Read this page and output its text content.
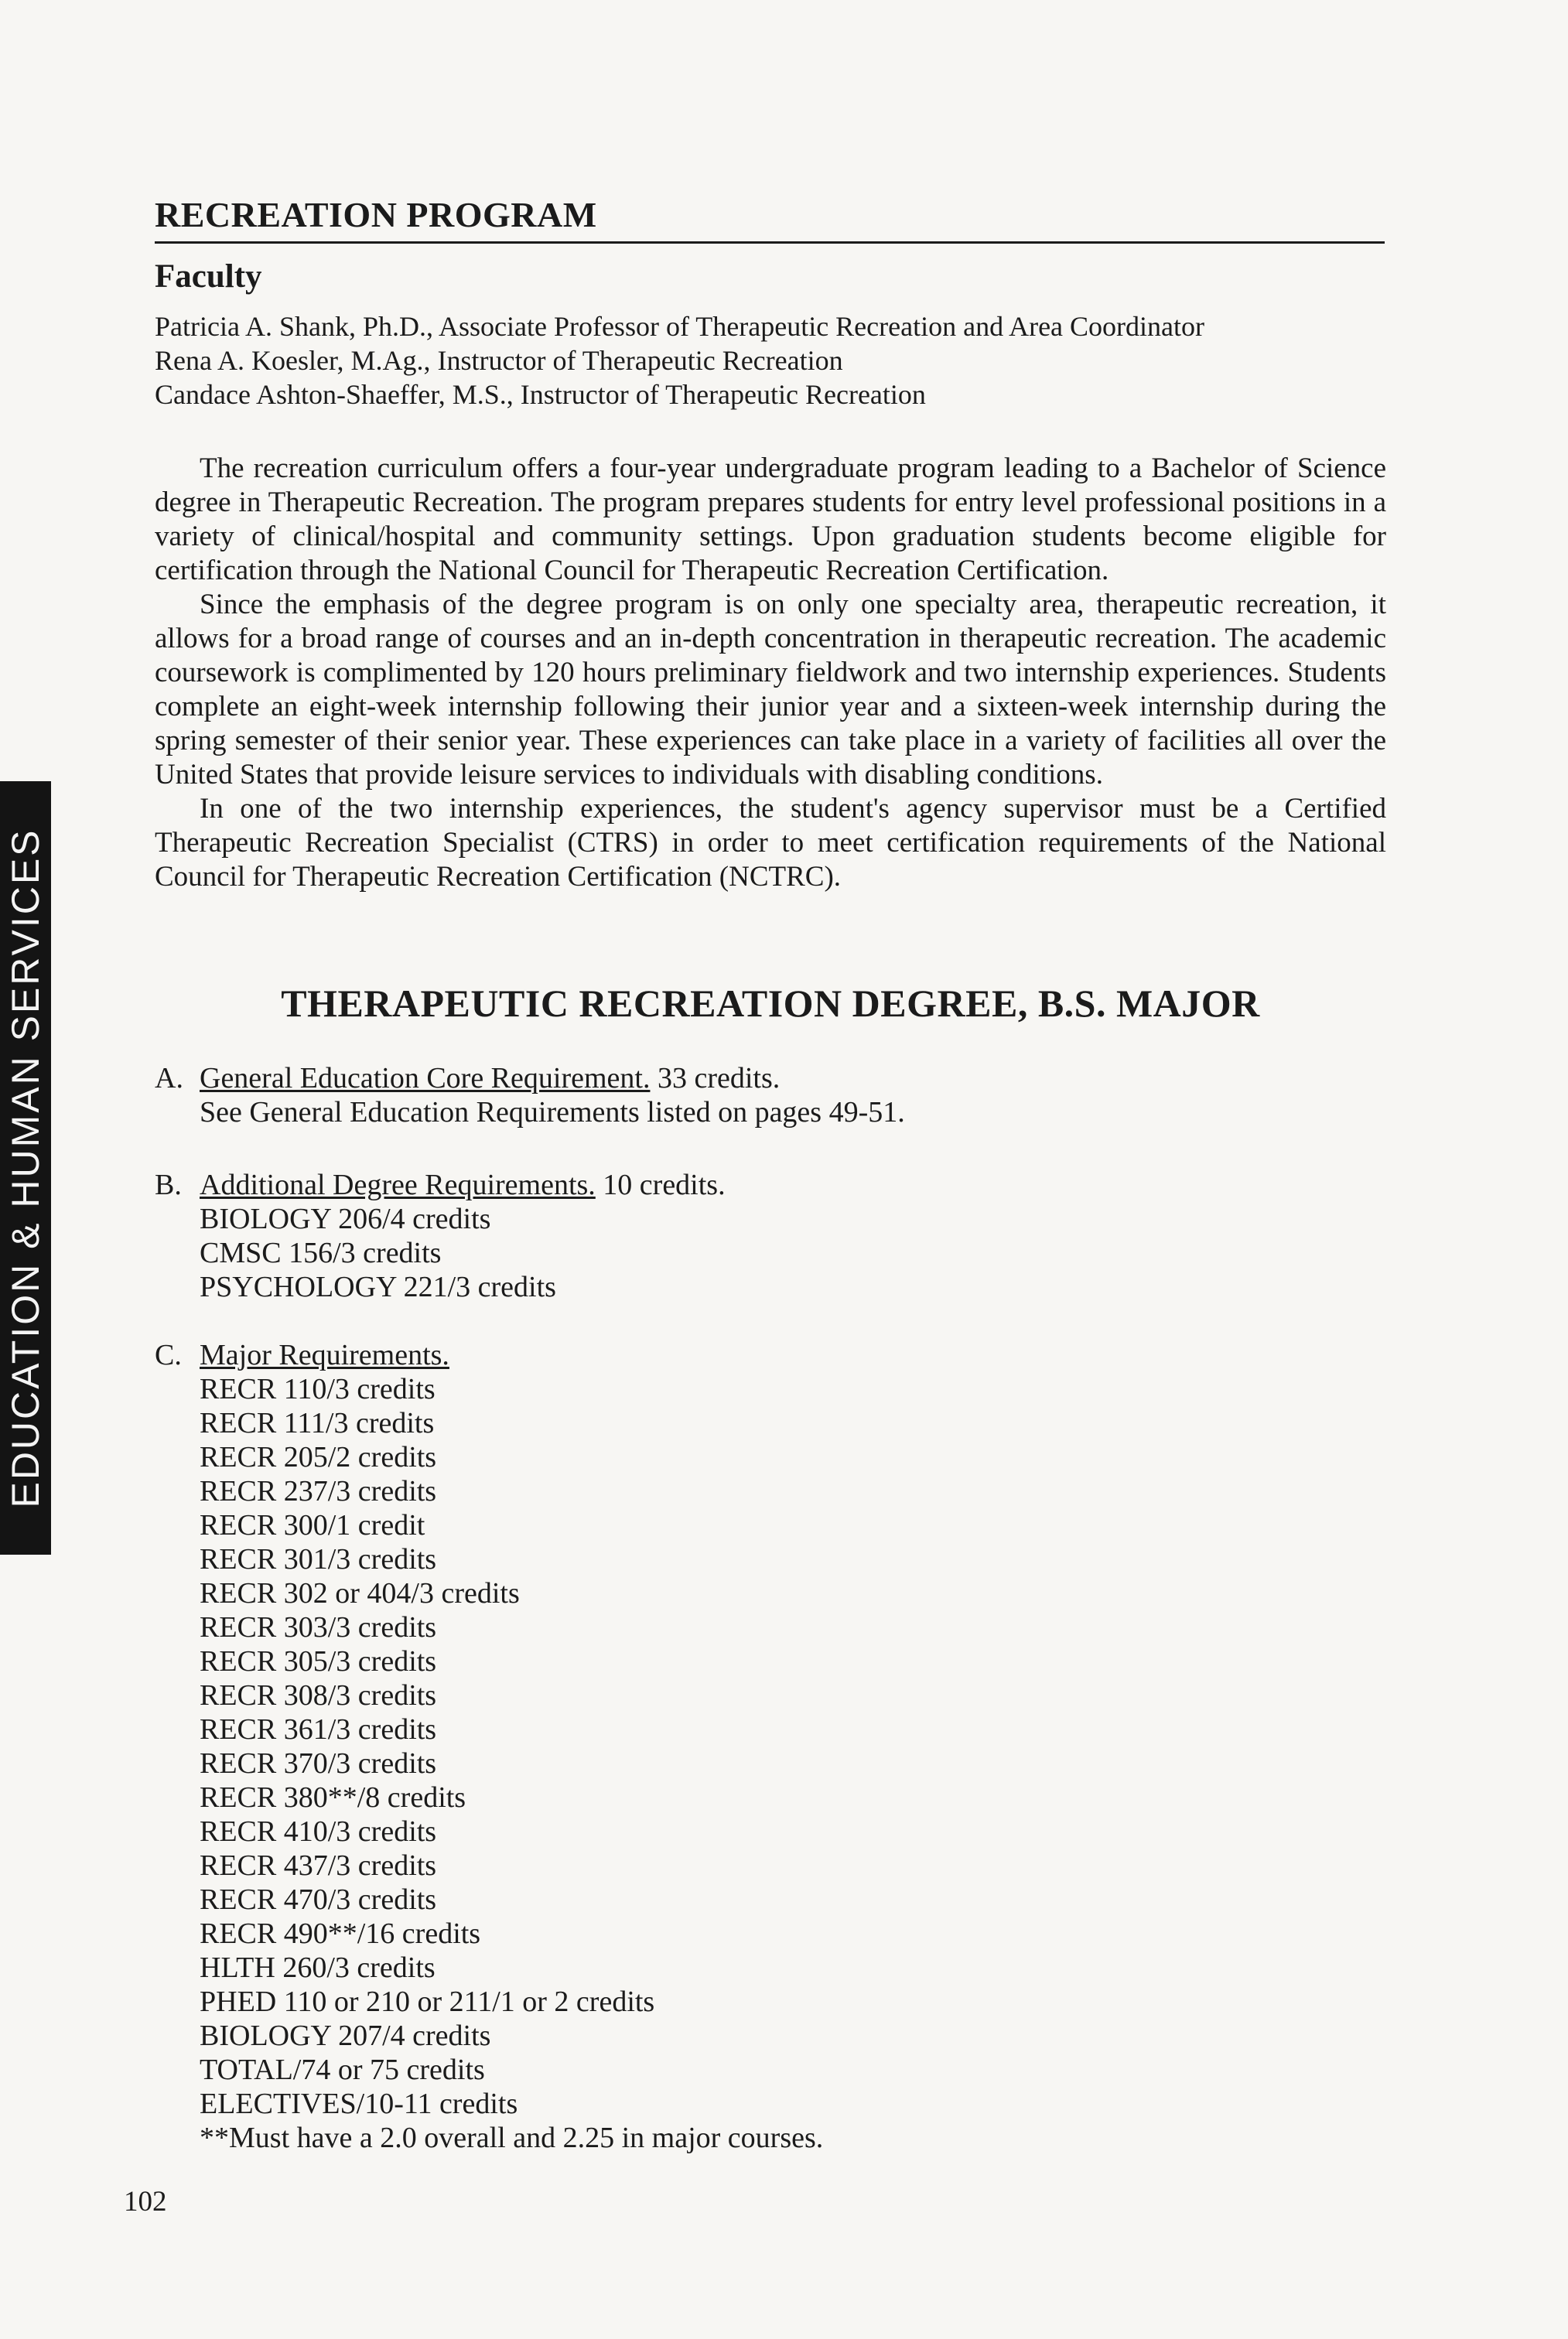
RECREATION PROGRAM
Faculty
Patricia A. Shank, Ph.D., Associate Professor of Therapeutic Recreation and Area Coordinator
Rena A. Koesler, M.Ag., Instructor of Therapeutic Recreation
Candace Ashton-Shaeffer, M.S., Instructor of Therapeutic Recreation

The recreation curriculum offers a four-year undergraduate program leading to a Bachelor of Science degree in Therapeutic Recreation. The program prepares students for entry level professional positions in a variety of clinical/hospital and community settings. Upon graduation students become eligible for certification through the National Council for Therapeutic Recreation Certification.

Since the emphasis of the degree program is on only one specialty area, therapeutic recreation, it allows for a broad range of courses and an in-depth concentration in therapeutic recreation. The academic coursework is complimented by 120 hours preliminary fieldwork and two internship experiences. Students complete an eight-week internship following their junior year and a sixteen-week internship during the spring semester of their senior year. These experiences can take place in a variety of facilities all over the United States that provide leisure services to individuals with disabling conditions.

In one of the two internship experiences, the student's agency supervisor must be a Certified Therapeutic Recreation Specialist (CTRS) in order to meet certification requirements of the National Council for Therapeutic Recreation Certification (NCTRC).

THERAPEUTIC RECREATION DEGREE, B.S. MAJOR
A. General Education Core Requirement. 33 credits.
See General Education Requirements listed on pages 49-51.
B. Additional Degree Requirements. 10 credits.
BIOLOGY 206/4 credits
CMSC 156/3 credits
PSYCHOLOGY 221/3 credits
C. Major Requirements.
RECR 110/3 credits
RECR 111/3 credits
RECR 205/2 credits
RECR 237/3 credits
RECR 300/1 credit
RECR 301/3 credits
RECR 302 or 404/3 credits
RECR 303/3 credits
RECR 305/3 credits
RECR 308/3 credits
RECR 361/3 credits
RECR 370/3 credits
RECR 380**/8 credits
RECR 410/3 credits
RECR 437/3 credits
RECR 470/3 credits
RECR 490**/16 credits
HLTH 260/3 credits
PHED 110 or 210 or 211/1 or 2 credits
BIOLOGY 207/4 credits
TOTAL/74 or 75 credits
ELECTIVES/10-11 credits
**Must have a 2.0 overall and 2.25 in major courses.
102
EDUCATION & HUMAN SERVICES
